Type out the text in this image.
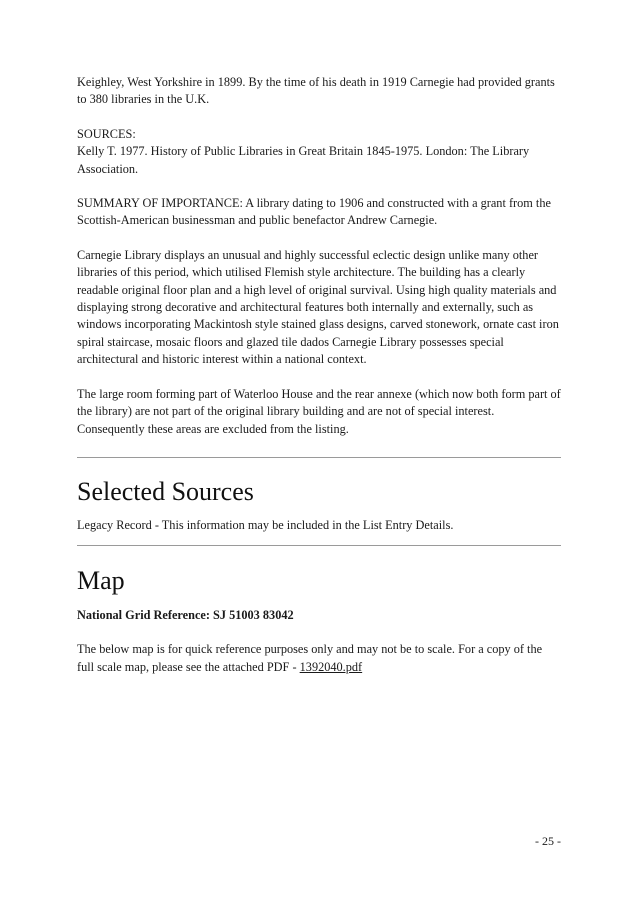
Keighley, West Yorkshire in 1899. By the time of his death in 1919 Carnegie had provided grants to 380 libraries in the U.K.

SOURCES:

Kelly T. 1977. History of Public Libraries in Great Britain 1845-1975. London: The Library Association.

SUMMARY OF IMPORTANCE: A library dating to 1906 and constructed with a grant from the Scottish-American businessman and public benefactor Andrew Carnegie.

Carnegie Library displays an unusual and highly successful eclectic design unlike many other libraries of this period, which utilised Flemish style architecture. The building has a clearly readable original floor plan and a high level of original survival. Using high quality materials and displaying strong decorative and architectural features both internally and externally, such as windows incorporating Mackintosh style stained glass designs, carved stonework, ornate cast iron spiral staircase, mosaic floors and glazed tile dados Carnegie Library possesses special architectural and historic interest within a national context.

The large room forming part of Waterloo House and the rear annexe (which now both form part of the library) are not part of the original library building and are not of special interest. Consequently these areas are excluded from the listing.

Selected Sources

Legacy Record - This information may be included in the List Entry Details.

Map

National Grid Reference: SJ 51003 83042

The below map is for quick reference purposes only and may not be to scale. For a copy of the full scale map, please see the attached PDF - 1392040.pdf

- 25 -
